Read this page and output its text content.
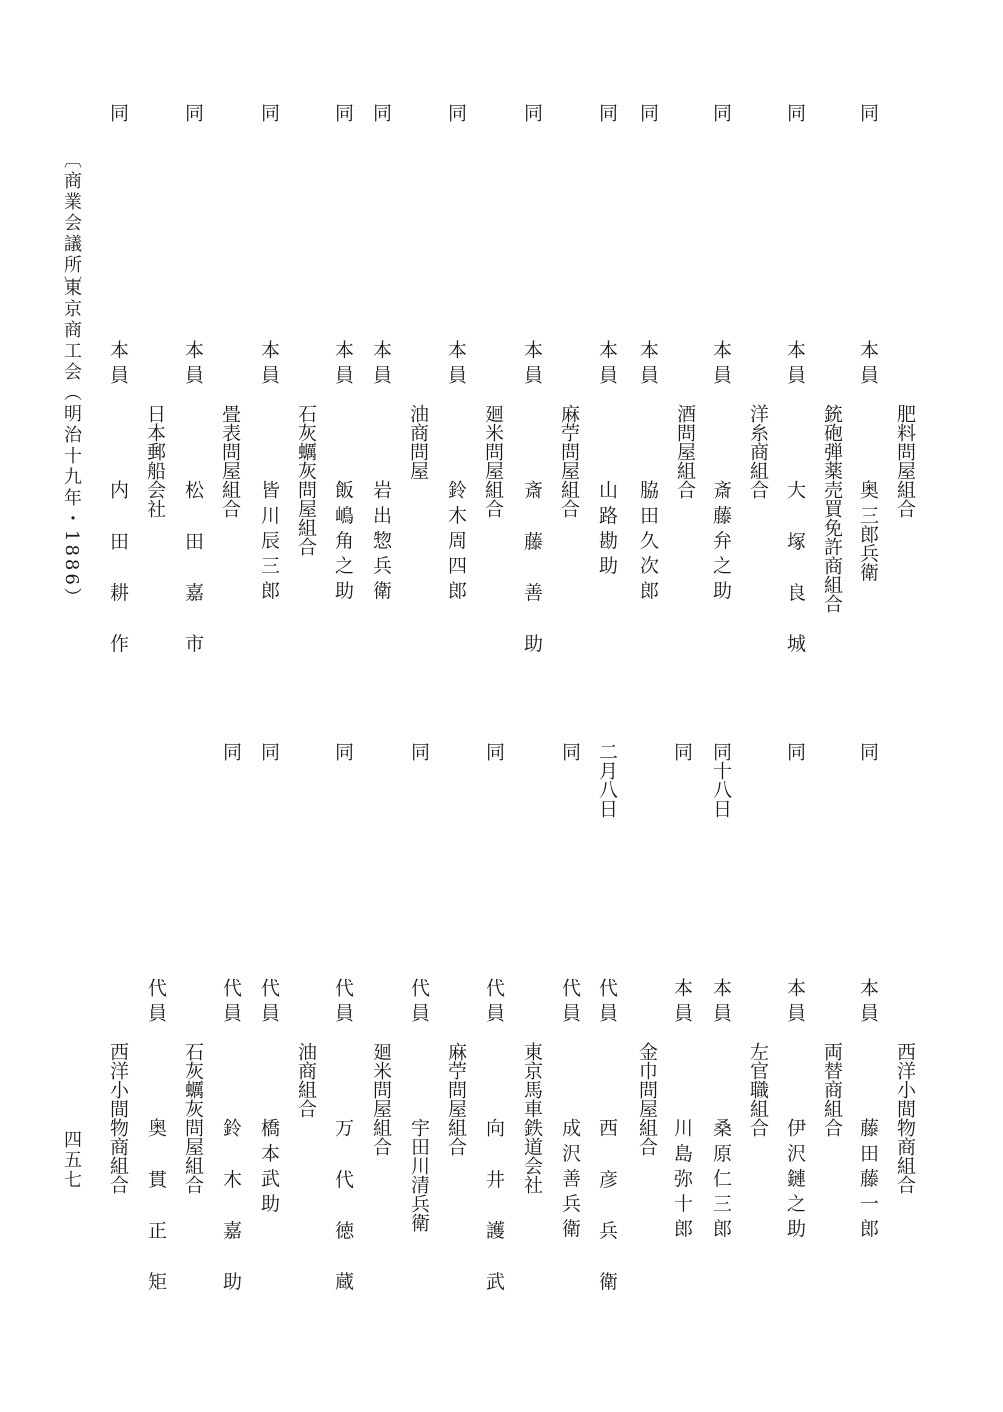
〔商業会議所〕
東京商工会（明治十九年・1886）
四五七
同
本員
肥料問屋組合
奥 三郎兵衛
同
本員
銃砲弾薬売買免許商組合
大 塚 良 城
同
本員
洋糸商組合
斎 藤 弁 之 助
同
本員
酒問屋組合
脇 田 久 次 郎
同
本員
山 路 勘 助
同
本員
麻苧問屋組合
斎 藤 善 助
同
本員
廻米問屋組合
鈴 木 周 四 郎
同
本員
油商問屋
岩 出 惣 兵 衛
同
本員
飯 嶋 角 之 助
同
本員
石灰蠣灰問屋組合
皆 川 辰 三 郎
同
本員
畳表問屋組合
松 田 嘉 市
同
本員
日本郵船会社
内 田 耕 作
同
本員
西洋小間物商組合
藤 田 藤 一 郎
同
本員
両替商組合
伊 沢 鏈 之 助
同十八日
本員
左官職組合
桑 原 仁 三 郎
同
本員
金巾問屋組合
川 島 弥 十 郎
二月八日
代員
西 彦 兵 衛
同
代員
東京馬車鉄道会社 成 沢 善 兵 衛
同
代員
麻苧問屋組合
向 井 護 武
同
代員
廻米問屋組合
宇田川清兵衛
同
代員
油商組合
万 代 徳 蔵
同
代員
石灰蠣灰問屋組合	橋 本 武 助
同
代員
鈴 木 嘉 助
代員
西洋小間物商組合 奥 貫 正 矩
